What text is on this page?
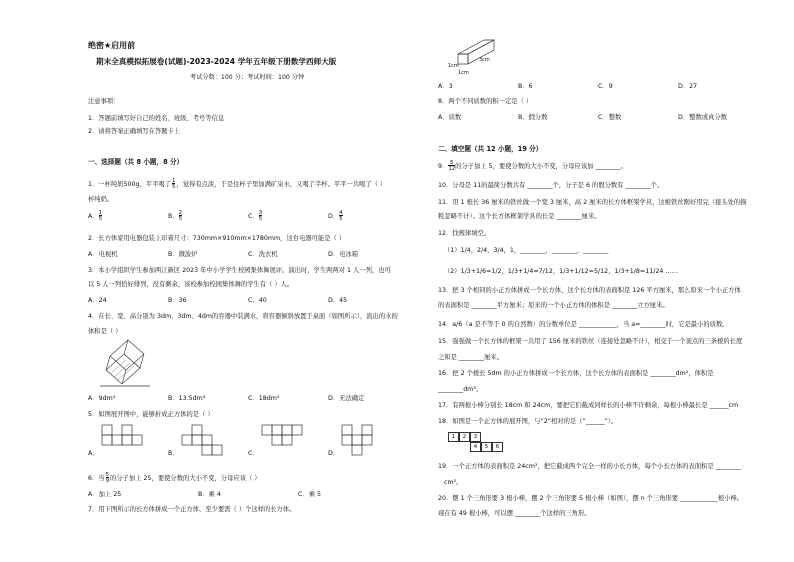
绝密★启用前
期末全真模拟拓展卷(试题)-2023-2024 学年五年级下册数学西师大版
考试分数：100 分；考试时间：100 分钟
注意事项：
1．答题前填写好自己的姓名、班级、考号等信息
2．请将答案正确填写在答题卡上
一、选择题（共 8 小题，8 分）
1．一杯纯奶500g，平平喝了$\frac{1}{5}$，觉得有点淡，于是往杯子里加满矿泉水，又喝了半杯。平平一共喝了（ ）
杯纯奶。
A．$\frac{1}{5}$	B．$\frac{2}{5}$	C．$\frac{3}{5}$	D．$\frac{4}{5}$
2．长方体家用电器包装上印着尺寸：730mm×910mm×1780mm，这台电器可能是（ ）
A．电视机	B．微波炉	C．洗衣机	D．电冰箱
3．本小学组织学生参加两江新区 2023 年中小学学生校园集体舞展评。演出时，学生两两对 1 人一列，也可
以 5 人一列恰好排列，没有剩余，该校参加校园集体舞的学生有（ ）人。
A．24	B．36	C．40	D．45
4．在长、宽、高分别为 3dm、3dm、4dm的容器中装满水，将容器倾斜放置于桌面（如图所示），流出的水的
体积是（ ）
A．9dm³	B．13.5dm³	C．18dm³	D．无法确定
5．如图展开图中，能够折成正方体的是（ ）
A．	B．	C．	D．
6．当$\frac{5}{9}$的分子加上 25，要使分数的大小不变，分母应该（ ）
A．加上 25	B．乘 4	C．乘 5
7．用下图所示的长方体拼成一个正方体，至少要需（ ）个这样的长方体。
1cm
3cm
1cm
A．3	B．6	C．9	D．27
8．两个不同质数的积一定是（ ）
A．质数	B．假分数	C．整数	D．整数或真分数
二、填空题（共 12 小题，19 分）
9．$\frac{5}{12}$的分子加上 5，要使分数的大小不变，分母应该加 ________。
10．分母是 11的最简分数共有 ________个，分子是 6 的假分数有 ________个。
11．用 1 根长 36 厘米的铁丝做一个宽 3 厘米，高 2 厘米的长方体框架学具，这根铁丝刚好用完（接头处的损
耗忽略不计）。这个长方体框架学具的长是 ________厘米。
12．找规律填空。
（1）1/4，2/4，3/4，1，________，________，________
（2）1/3+1/6=1/2，1/3+1/4=7/12，1/3+1/12=5/12，1/3+1/8=11/24 ……
13．把 3 个相同的小正方体拼成一个长方体，这个长方体的表面积是 126 平方厘米，那么原来一个小正方体
的表面积是 ________平方厘米；原来的一个小正方体的体积是 ________立方厘米。
14．a/6（a 是不等于 0 的自然数）的分数单位是 ____________，当 a=________时，它是最小的质数。
15．强强做一个长方体的框架一共用了 156 厘米的铁丝（连接处忽略不计），相交于一个顶点的三条棱的长度
之和是 ________厘米。
16．把 2 个棱长 5dm 的小正方体拼成一个长方体，这个长方体的表面积是 ________dm²，体积是
________dm³。
17．有两根小棒分别长 18cm 和 24cm，要把它们截成同样长的小棒不许剩余，每根小棒最长是 ______cm
18．如图是一个正方体的展开图，与“2”相对的是（“______”）。
1 2 3
4 5 6
19．一个正方体的表面积是 24cm²，把它截成两个完全一样的小长方体，每个小长方体的表面积是 ________
cm²。
20．摆 1 个三角形要 3 根小棒，摆 2 个三角形要 5 根小棒（如图），摆 n 个三角形要 ____________根小棒。
现在有 49 根小棒，可以摆 ________个这样的三角形。
